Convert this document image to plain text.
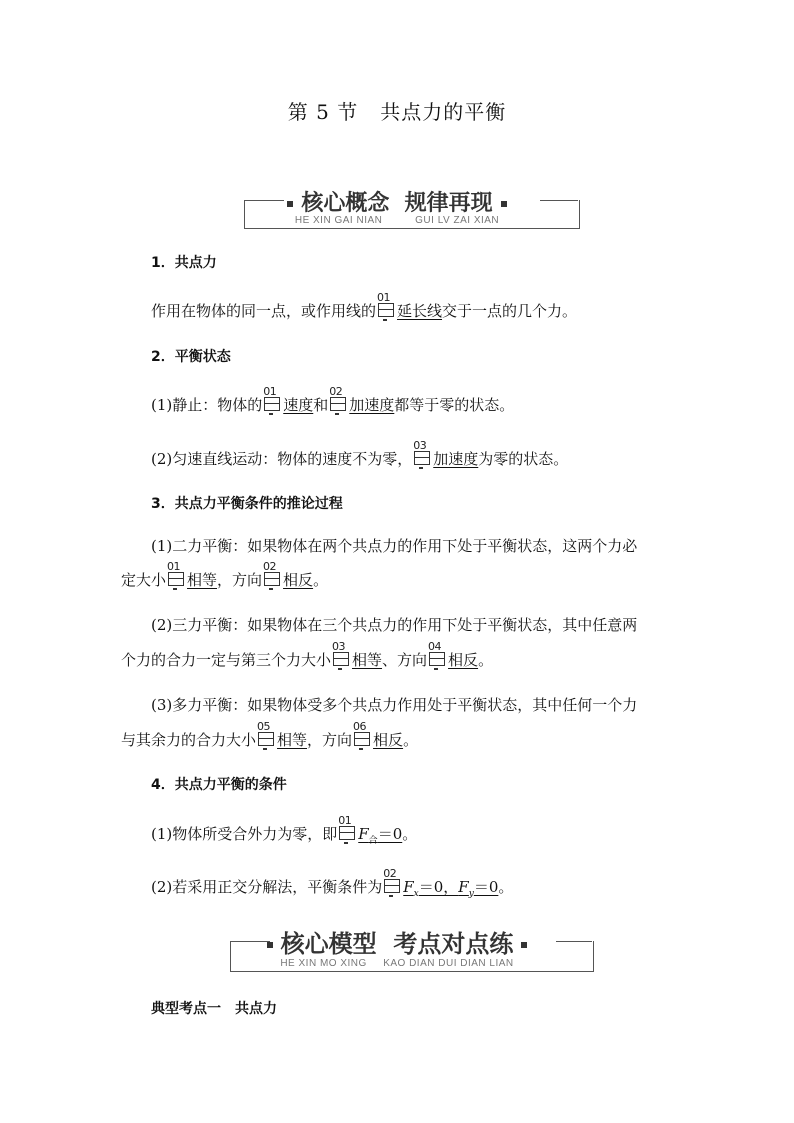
第 5 节 共点力的平衡
核心概念 规律再现
HE XIN GAI NIAN	GUI LV ZAI XIAN
1．共点力
作用在物体的同一点，或作用线的
01
延长线交于一点的几个力。
2．平衡状态
(1)静止：物体的
01
速度和
02
加速度都等于零的状态。
(2)匀速直线运动：物体的速度不为零，
03
加速度为零的状态。
3．共点力平衡条件的推论过程
(1)二力平衡：如果物体在两个共点力的作用下处于平衡状态，这两个力必
定大小
01
相等，方向
02
相反。
(2)三力平衡：如果物体在三个共点力的作用下处于平衡状态，其中任意两
个力的合力一定与第三个力大小
03
相等、方向
04
相反。
(3)多力平衡：如果物体受多个共点力作用处于平衡状态，其中任何一个力
与其余力的合力大小
05
相等，方向
06
相反。
4．共点力平衡的条件
(1)物体所受合外力为零，即
01
$F_合=0$。
(2)若采用正交分解法，平衡条件为
02
$F_x=0$，$F_y=0$。
核心模型 考点对点练
HE XIN MO XING KAO DIAN DUI DIAN LIAN
典型考点一　共点力
